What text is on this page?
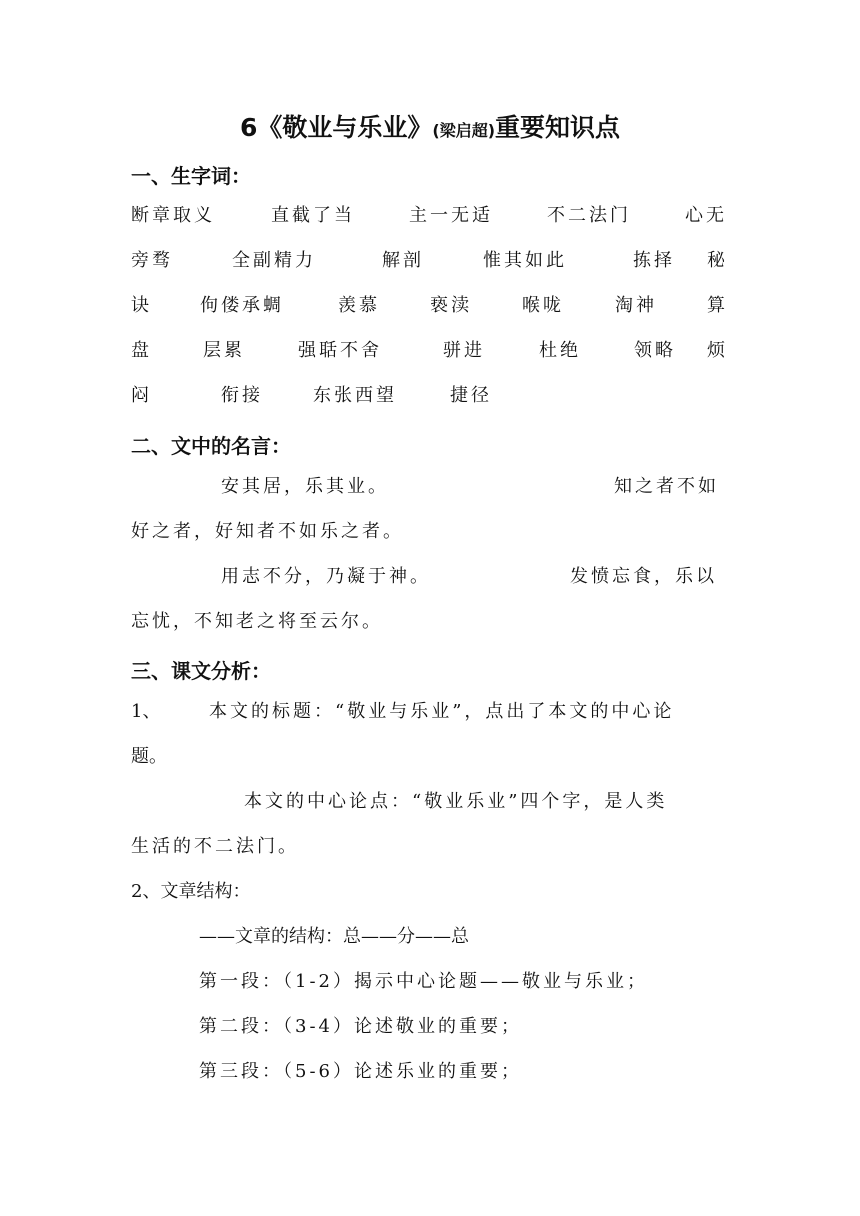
6《敬业与乐业》(梁启超)重要知识点
一、生字词：
断章取义	直截了当	主一无适	不二法门	心无
旁骛	全副精力	解剖	惟其如此	拣择 秘
诀	佝偻承蜩	羡慕	亵渎	喉咙	淘神	算
盘	层累	强聒不舍	骈进	杜绝	领略 烦
闷	衔接	东张西望	捷径
二、文中的名言：
安其居，乐其业。	知之者不如
好之者，好知者不如乐之者。
用志不分，乃凝于神。	发愤忘食，乐以
忘忧，不知老之将至云尔。
三、课文分析：
1、	本文的标题：“敬业与乐业”，点出了本文的中心论
题。
本文的中心论点：“敬业乐业”四个字，是人类
生活的不二法门。
2、文章结构：
——文章的结构：总——分——总
第一段：（1-2）揭示中心论题——敬业与乐业；
第二段：（3-4）论述敬业的重要；
第三段：（5-6）论述乐业的重要；
